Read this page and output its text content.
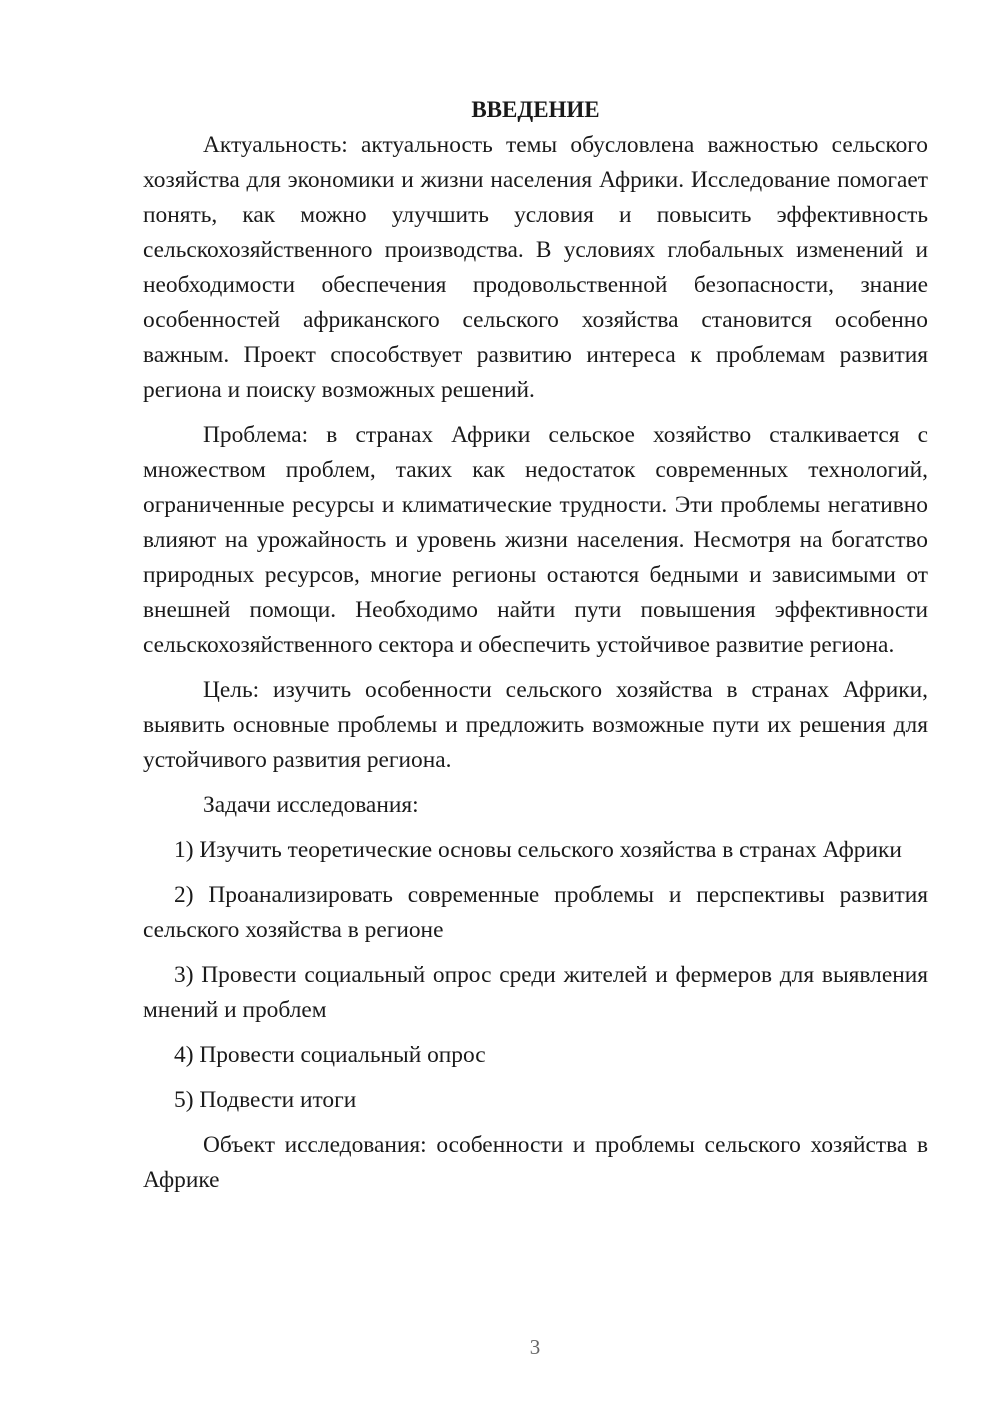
ВВЕДЕНИЕ

Актуальность: актуальность темы обусловлена важностью сельского хозяйства для экономики и жизни населения Африки. Исследование помогает понять, как можно улучшить условия и повысить эффективность сельскохозяйственного производства. В условиях глобальных изменений и необходимости обеспечения продовольственной безопасности, знание особенностей африканского сельского хозяйства становится особенно важным. Проект способствует развитию интереса к проблемам развития региона и поиску возможных решений.

Проблема: в странах Африки сельское хозяйство сталкивается с множеством проблем, таких как недостаток современных технологий, ограниченные ресурсы и климатические трудности. Эти проблемы негативно влияют на урожайность и уровень жизни населения. Несмотря на богатство природных ресурсов, многие регионы остаются бедными и зависимыми от внешней помощи. Необходимо найти пути повышения эффективности сельскохозяйственного сектора и обеспечить устойчивое развитие региона.

Цель: изучить особенности сельского хозяйства в странах Африки, выявить основные проблемы и предложить возможные пути их решения для устойчивого развития региона.

Задачи исследования:

1) Изучить теоретические основы сельского хозяйства в странах Африки

2) Проанализировать современные проблемы и перспективы развития сельского хозяйства в регионе

3) Провести социальный опрос среди жителей и фермеров для выявления мнений и проблем

4) Провести социальный опрос

5) Подвести итоги

Объект исследования: особенности и проблемы сельского хозяйства в Африке

3
